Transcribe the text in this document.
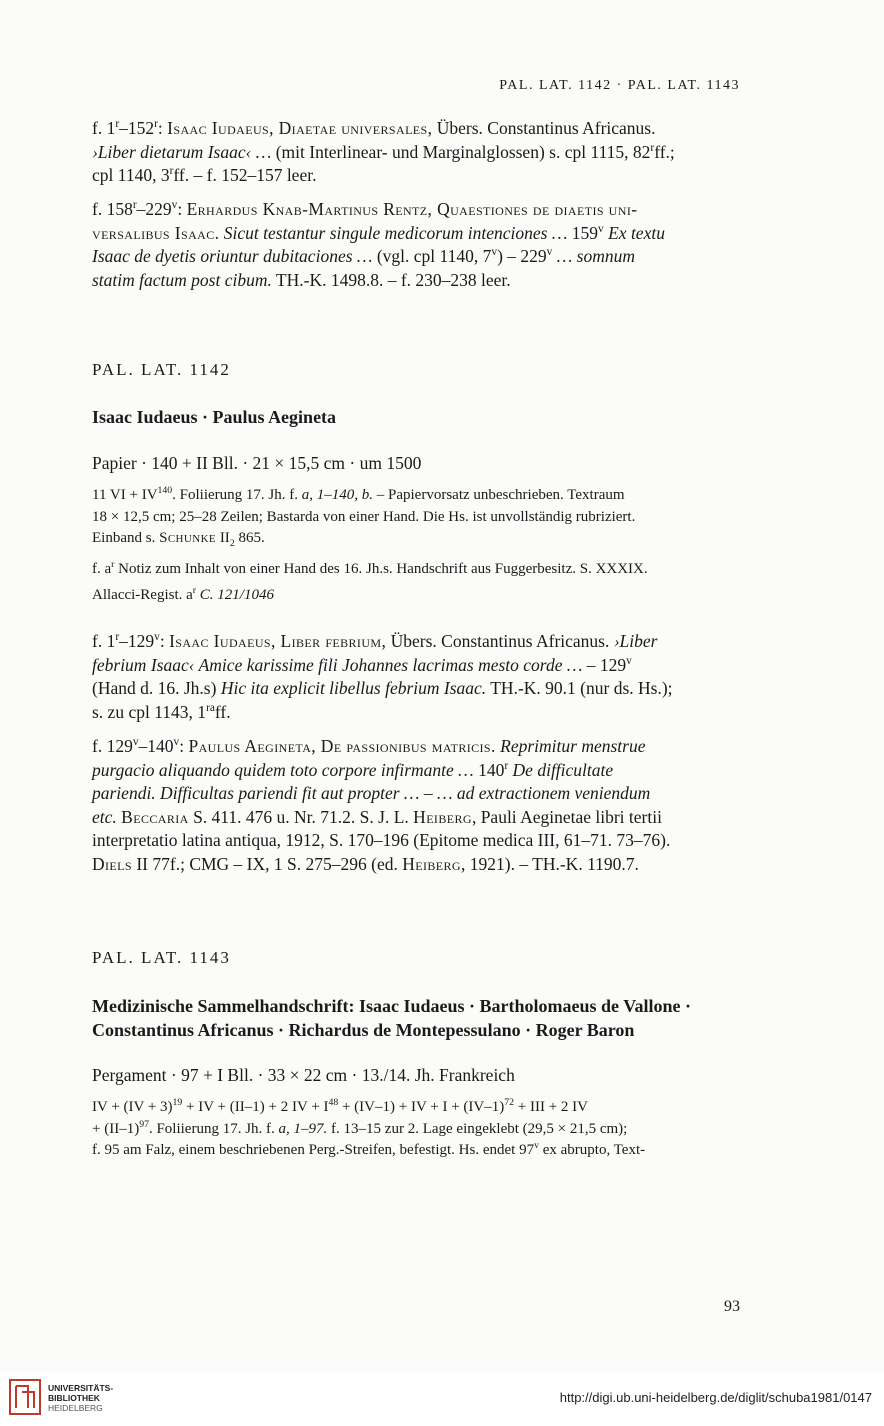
PAL. LAT. 1142 · PAL. LAT. 1143
f. 1$^r$–152$^r$: Isaac Iudaeus, Diaetae universales, Übers. Constantinus Africanus.
›Liber dietarum Isaac‹ … (mit Interlinear- und Marginalglossen) s. cpl 1115, 82$^r$ff.;
cpl 1140, 3$^r$ff. – f. 152–157 leer.
f. 158$^r$–229$^v$: Erhardus Knab-Martinus Rentz, Quaestiones de diaetis uni-
versalibus Isaac. Sicut testantur singule medicorum intenciones … 159$^v$ Ex textu
Isaac de dyetis oriuntur dubitaciones … (vgl. cpl 1140, 7$^v$) – 229$^v$ … somnum
statim factum post cibum. TH.-K. 1498.8. – f. 230–238 leer.
PAL. LAT. 1142
Isaac Iudaeus · Paulus Aegineta
Papier · 140 + II Bll. · 21 × 15,5 cm · um 1500
11 VI + $IV^{140}$. Foliierung 17. Jh. f. a, 1–140, b. – Papiervorsatz unbeschrieben. Textraum
18 × 12,5 cm; 25–28 Zeilen; Bastarda von einer Hand. Die Hs. ist unvollständig rubriziert.
Einband s. Schunke $II_2$ 865.
f. $a^r$ Notiz zum Inhalt von einer Hand des 16. Jh.s. Handschrift aus Fuggerbesitz. S. XXXIX.
Allacci-Regist. $a^r$ C. 121/1046
f. 1$^r$–129$^v$: Isaac Iudaeus, Liber febrium, Übers. Constantinus Africanus. ›Liber
febrium Isaac‹ Amice karissime fili Johannes lacrimas mesto corde … – 129$^v$
(Hand d. 16. Jh.s) Hic ita explicit libellus febrium Isaac. TH.-K. 90.1 (nur ds. Hs.);
s. zu cpl 1143, $1^{ra}ff$.
f. 129$^v$–140$^v$: Paulus Aegineta, De passionibus matricis. Reprimitur menstrue
purgacio aliquando quidem toto corpore infirmante … 140$^r$ De difficultate
pariendi. Difficultas pariendi fit aut propter … – … ad extractionem veniendum
etc. Beccaria S. 411. 476 u. Nr. 71.2. S. J. L. Heiberg, Pauli Aeginetae libri tertii
interpretatio latina antiqua, 1912, S. 170–196 (Epitome medica III, 61–71. 73–76).
Diels II 77f.; CMG – IX, 1 S. 275–296 (ed. Heiberg, 1921). – TH.-K. 1190.7.
PAL. LAT. 1143
Medizinische Sammelhandschrift: Isaac Iudaeus · Bartholomaeus de Vallone ·
Constantinus Africanus · Richardus de Montepessulano · Roger Baron
Pergament · 97 + I Bll. · 33 × 22 cm · 13./14. Jh. Frankreich
IV + (IV + 3)$^{19}$ + IV + (II–1) + 2 IV + $I^{48} + (IV-1)$ + IV + $I + (IV-1)^{72}$ + III + 2 IV
+ $(II-1)^{97}$. Foliierung 17. Jh. f. a, 1–97. f. 13–15 zur 2. Lage eingeklebt (29,5 × 21,5 cm);
f. 95 am Falz, einem beschriebenen Perg.-Streifen, befestigt. Hs. endet 97$^v$ ex abrupto, Text-
93
UNIVERSITÄTS-
BIBLIOTHEK
HEIDELBERG
http://digi.ub.uni-heidelberg.de/diglit/schuba1981/0147
